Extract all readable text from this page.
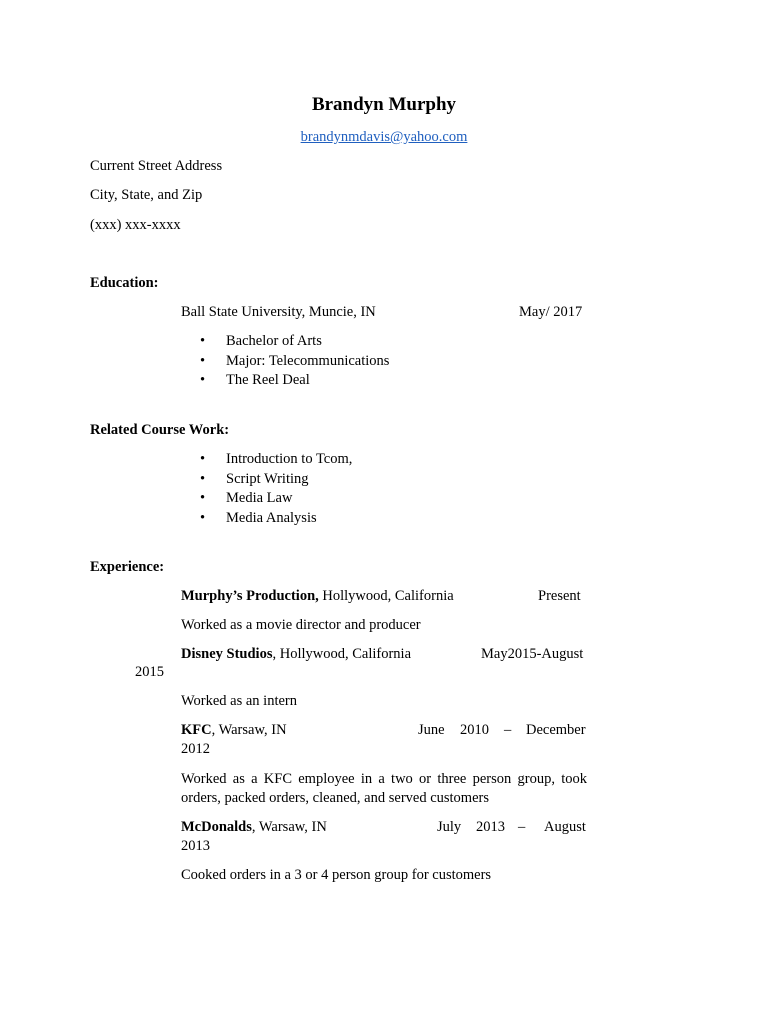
Brandyn Murphy
brandynmdavis@yahoo.com
Current Street Address
City, State, and Zip
(xxx) xxx-xxxx
Education:
Ball State University, Muncie, IN	May/ 2017
• Bachelor of Arts
• Major: Telecommunications
• The Reel Deal
Related Course Work:
• Introduction to Tcom,
• Script Writing
• Media Law
• Media Analysis
Experience:
Murphy’s Production, Hollywood, California	Present
Worked as a movie director and producer
Disney Studios, Hollywood, California	May2015-August
2015
Worked as an intern
KFC, Warsaw, IN	June 2010 – December
2012
Worked as a KFC employee in a two or three person group, took orders, packed orders, cleaned, and served customers
McDonalds, Warsaw, IN	July 2013 – August
2013
Cooked orders in a 3 or 4 person group for customers
